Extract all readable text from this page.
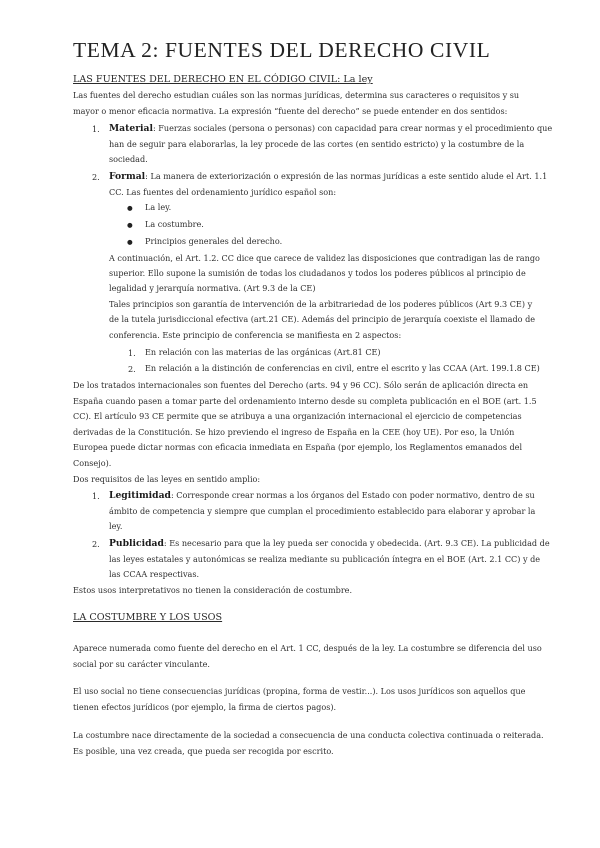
TEMA 2: FUENTES DEL DERECHO CIVIL
LAS FUENTES DEL DERECHO EN EL CÓDIGO CIVIL: La ley
Las fuentes del derecho estudian cuáles son las normas jurídicas, determina sus caracteres o requisitos y su
mayor o menor eficacia normativa. La expresión “fuente del derecho” se puede entender en dos sentidos:
1. Material: Fuerzas sociales (persona o personas) con capacidad para crear normas y el procedimiento que
han de seguir para elaborarlas, la ley procede de las cortes (en sentido estricto) y la costumbre de la
sociedad.
2. Formal: La manera de exteriorización o expresión de las normas jurídicas a este sentido alude el Art. 1.1
CC. Las fuentes del ordenamiento jurídico español son:
● La ley.
● La costumbre.
● Principios generales del derecho.
A continuación, el Art. 1.2. CC dice que carece de validez las disposiciones que contradigan las de rango
superior. Ello supone la sumisión de todas los ciudadanos y todos los poderes públicos al principio de
legalidad y jerarquía normativa. (Art 9.3 de la CE)
Tales principios son garantía de intervención de la arbitrariedad de los poderes públicos (Art 9.3 CE) y
de la tutela jurisdiccional efectiva (art.21 CE). Además del principio de jerarquía coexiste el llamado de
conferencia. Este principio de conferencia se manifiesta en 2 aspectos:
1. En relación con las materias de las orgánicas (Art.81 CE)
2. En relación a la distinción de conferencias en civil, entre el escrito y las CCAA (Art. 199.1.8 CE)
De los tratados internacionales son fuentes del Derecho (arts. 94 y 96 CC). Sólo serán de aplicación directa en
España cuando pasen a tomar parte del ordenamiento interno desde su completa publicación en el BOE (art. 1.5
CC). El artículo 93 CE permite que se atribuya a una organización internacional el ejercicio de competencias
derivadas de la Constitución. Se hizo previendo el ingreso de España en la CEE (hoy UE). Por eso, la Unión
Europea puede dictar normas con eficacia inmediata en España (por ejemplo, los Reglamentos emanados del
Consejo).
Dos requisitos de las leyes en sentido amplio:
1. Legitimidad: Corresponde crear normas a los órganos del Estado con poder normativo, dentro de su
ámbito de competencia y siempre que cumplan el procedimiento establecido para elaborar y aprobar la
ley.
2. Publicidad: Es necesario para que la ley pueda ser conocida y obedecida. (Art. 9.3 CE). La publicidad de
las leyes estatales y autonómicas se realiza mediante su publicación íntegra en el BOE (Art. 2.1 CC) y de
las CCAA respectivas.
Estos usos interpretativos no tienen la consideración de costumbre.
LA COSTUMBRE Y LOS USOS
Aparece numerada como fuente del derecho en el Art. 1 CC, después de la ley. La costumbre se diferencia del uso
social por su carácter vinculante.
El uso social no tiene consecuencias jurídicas (propina, forma de vestir...). Los usos jurídicos son aquellos que
tienen efectos jurídicos (por ejemplo, la firma de ciertos pagos).
La costumbre nace directamente de la sociedad a consecuencia de una conducta colectiva continuada o reiterada.
Es posible, una vez creada, que pueda ser recogida por escrito.
